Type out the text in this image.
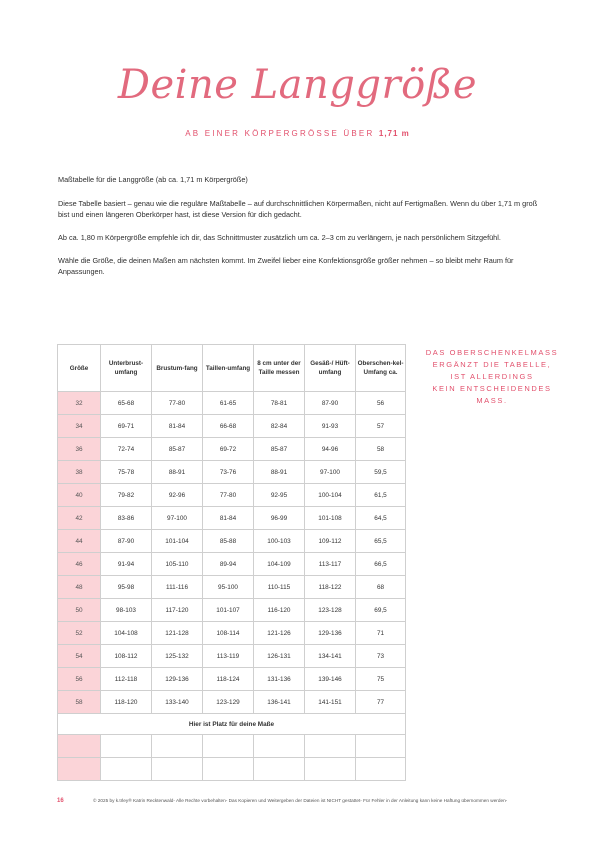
Deine Langgröße
AB EINER KÖRPERGRÖSSE ÜBER 1,71 m

Maßtabelle für die Langgröße (ab ca. 1,71 m Körpergröße)

Diese Tabelle basiert – genau wie die reguläre Maßtabelle – auf durchschnittlichen Körpermaßen, nicht auf Fertigmaßen. Wenn du über 1,71 m groß bist und einen längeren Oberkörper hast, ist diese Version für dich gedacht.

Ab ca. 1,80 m Körpergröße empfehle ich dir, das Schnittmuster zusätzlich um ca. 2–3 cm zu verlängern, je nach persönlichem Sitzgefühl.

Wähle die Größe, die deinen Maßen am nächsten kommt. Im Zweifel lieber eine Konfektionsgröße größer nehmen – so bleibt mehr Raum für Anpassungen.

DAS OBERSCHENKELMASS
ERGÄNZT DIE TABELLE,
IST ALLERDINGS
KEIN ENTSCHEIDENDES
MASS.
Größe	Unterbrust-umfang	Brustum-fang	Taillen-umfang	8 cm unter der Taille messen	Gesäß-/ Hüft-umfang	Oberschen-kel-Umfang ca.
32	65-68	77-80	61-65	78-81	87-90	56
34	69-71	81-84	66-68	82-84	91-93	57
36	72-74	85-87	69-72	85-87	94-96	58
38	75-78	88-91	73-76	88-91	97-100	59,5
40	79-82	92-96	77-80	92-95	100-104	61,5
42	83-86	97-100	81-84	96-99	101-108	64,5
44	87-90	101-104	85-88	100-103	109-112	65,5
46	91-94	105-110	89-94	104-109	113-117	66,5
48	95-98	111-116	95-100	110-115	118-122	68
50	98-103	117-120	101-107	116-120	123-128	69,5
52	104-108	121-128	108-114	121-126	129-136	71
54	108-112	125-132	113-119	126-131	134-141	73
56	112-118	129-136	118-124	131-136	139-146	75
58	118-120	133-140	123-129	136-141	141-151	77
Hier ist Platz für deine Maße						

16	© 2025 by k.trley® Katrin Recktenwald- Alle Rechte vorbehalten- Das Kopieren und Weitergeben der Dateien ist NICHT gestattet- Für Fehler in der Anleitung kann keine Haftung übernommen werden-
